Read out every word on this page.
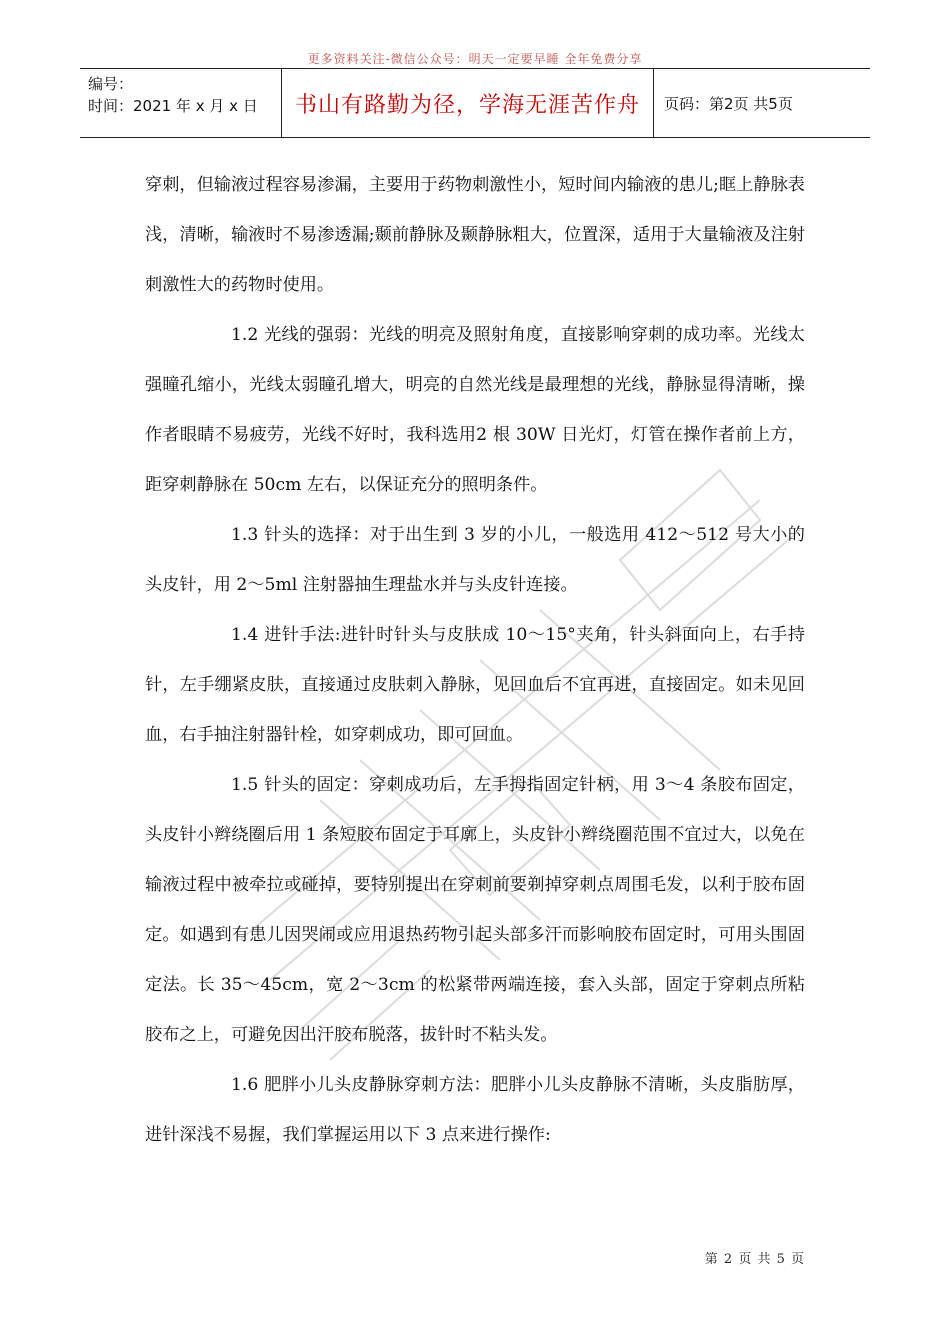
更多资料关注-微信公众号：明天一定要早睡 全年免费分享
编号：
时间：2021 年 x 月 x 日	书山有路勤为径，学海无涯苦作舟 页码：第2页 共5页

穿刺，但输液过程容易渗漏，主要用于药物刺激性小，短时间内输液的患儿;眶上静脉表浅，清晰，输液时不易渗透漏;颞前静脉及颞静脉粗大，位置深，适用于大量输液及注射刺激性大的药物时使用。

1.2 光线的强弱：光线的明亮及照射角度，直接影响穿刺的成功率。光线太强瞳孔缩小，光线太弱瞳孔增大，明亮的自然光线是最理想的光线，静脉显得清晰，操作者眼睛不易疲劳，光线不好时，我科选用2 根 30W 日光灯，灯管在操作者前上方，距穿刺静脉在 50cm 左右，以保证充分的照明条件。

1.3 针头的选择：对于出生到 3 岁的小儿，一般选用 412～512 号大小的头皮针，用 2～5ml 注射器抽生理盐水并与头皮针连接。

1.4 进针手法:进针时针头与皮肤成 10～15°夹角，针头斜面向上，右手持针，左手绷紧皮肤，直接通过皮肤刺入静脉，见回血后不宜再进，直接固定。如未见回血，右手抽注射器针栓，如穿刺成功，即可回血。

1.5 针头的固定：穿刺成功后，左手拇指固定针柄，用 3～4 条胶布固定，头皮针小辫绕圈后用 1 条短胶布固定于耳廓上，头皮针小辫绕圈范围不宜过大，以免在输液过程中被牵拉或碰掉，要特别提出在穿刺前要剃掉穿刺点周围毛发，以利于胶布固定。如遇到有患儿因哭闹或应用退热药物引起头部多汗而影响胶布固定时，可用头围固定法。长 35～45cm，宽 2～3cm 的松紧带两端连接，套入头部，固定于穿刺点所粘胶布之上，可避免因出汗胶布脱落，拔针时不粘头发。

1.6 肥胖小儿头皮静脉穿刺方法：肥胖小儿头皮静脉不清晰，头皮脂肪厚，进针深浅不易握，我们掌握运用以下 3 点来进行操作:

第 2 页 共 5 页
